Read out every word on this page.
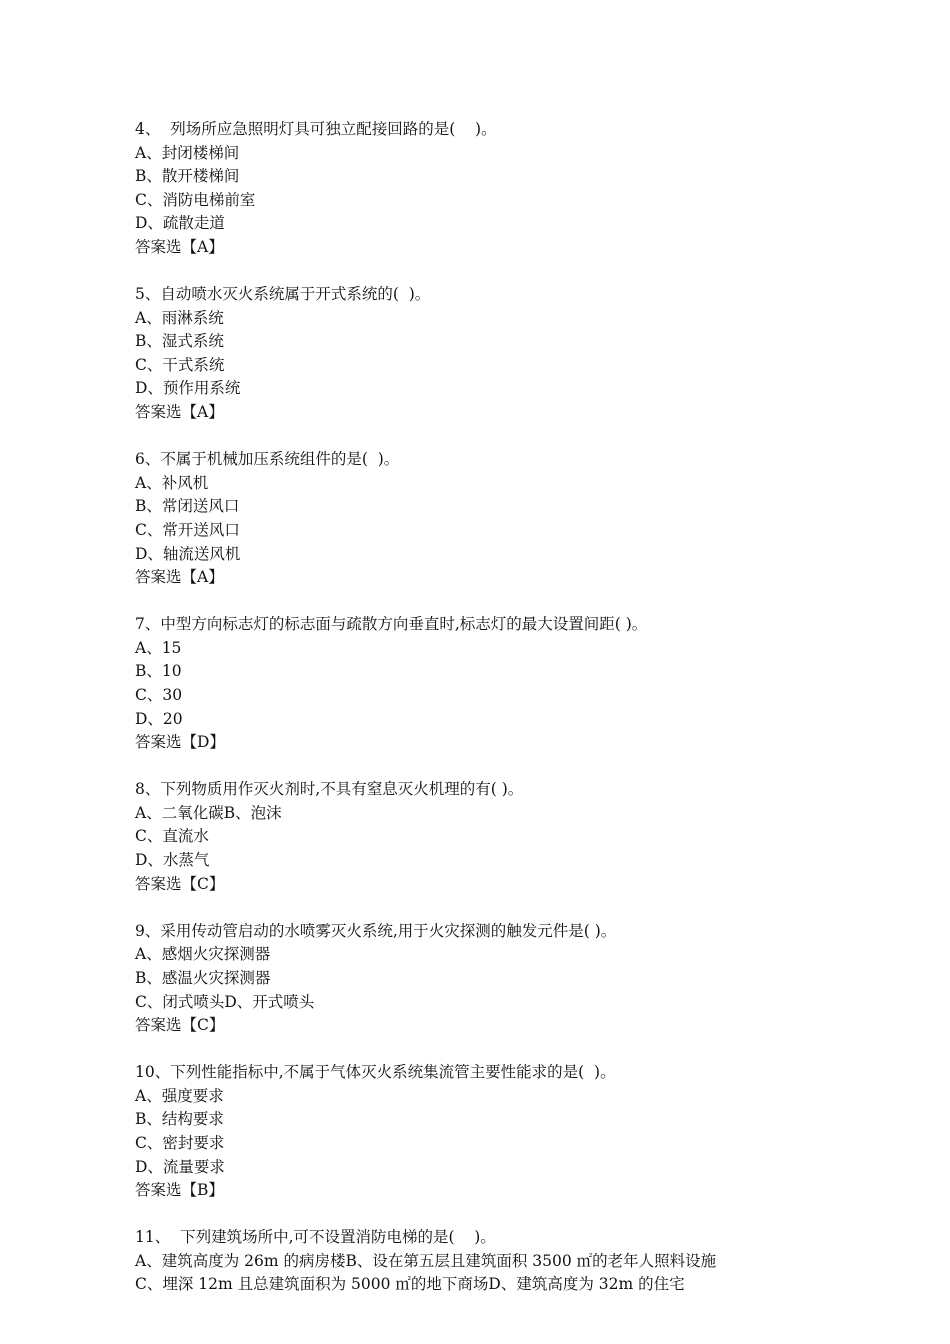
4、  列场所应急照明灯具可独立配接回路的是(    )。
A、封闭楼梯间
B、散开楼梯间
C、消防电梯前室
D、疏散走道
答案选【A】
5、自动喷水灭火系统属于开式系统的(  )。
A、雨淋系统
B、湿式系统
C、干式系统
D、预作用系统
答案选【A】
6、不属于机械加压系统组件的是(  )。
A、补风机
B、常闭送风口
C、常开送风口
D、轴流送风机
答案选【A】
7、中型方向标志灯的标志面与疏散方向垂直时,标志灯的最大设置间距( )。
A、15
B、10
C、30
D、20
答案选【D】
8、下列物质用作灭火剂时,不具有窒息灭火机理的有( )。
A、二氧化碳B、泡沫
C、直流水
D、水蒸气
答案选【C】
9、采用传动管启动的水喷雾灭火系统,用于火灾探测的触发元件是( )。
A、感烟火灾探测器
B、感温火灾探测器
C、闭式喷头D、开式喷头
答案选【C】
10、下列性能指标中,不属于气体灭火系统集流管主要性能求的是(  )。
A、强度要求
B、结构要求
C、密封要求
D、流量要求
答案选【B】
11、  下列建筑场所中,可不设置消防电梯的是(    )。
A、建筑高度为 26m 的病房楼B、设在第五层且建筑面积 3500 ㎡的老年人照料设施
C、埋深 12m 且总建筑面积为 5000 ㎡的地下商场D、建筑高度为 32m 的住宅
